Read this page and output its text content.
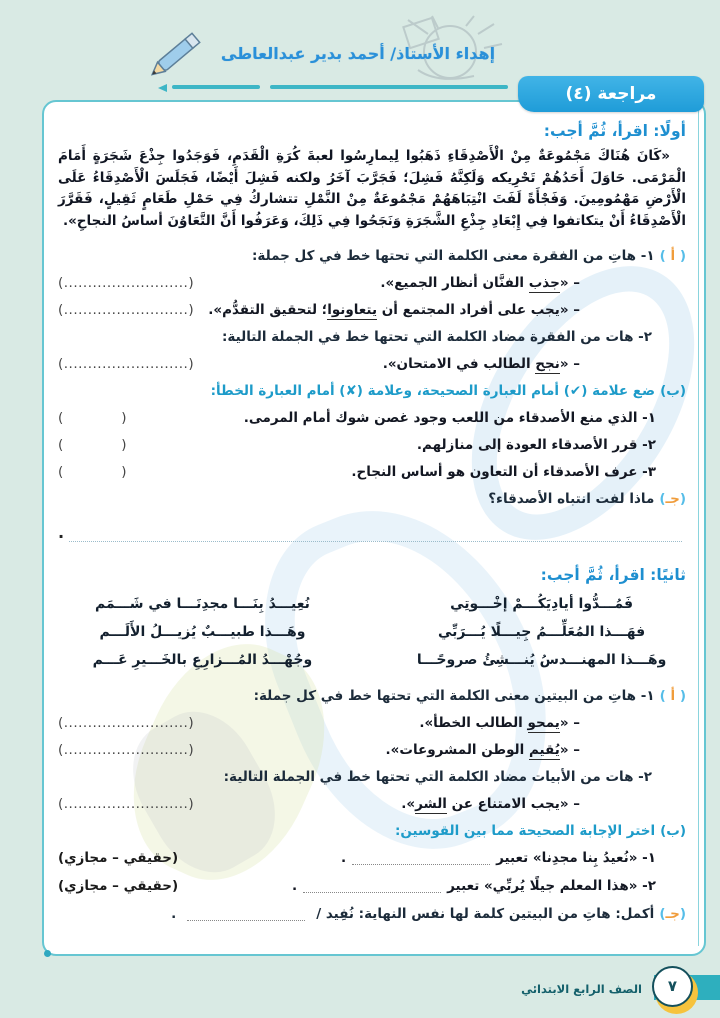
إهداء الأستاذ/ أحمد بدير عبدالعاطى
مراجعة (٤)
أولًا: اقرأ، ثُمَّ أجب:

«كَانَ هُنَاكَ مَجْمُوعَةٌ مِنْ الْأَصْدِقَاءِ ذَهَبُوا لِيمارِسُوا لعبةَ كُرَةِ الْقَدَمِ، فَوَجَدُوا جِذْعَ شَجَرَةٍ أَمَامَ الْمَرْمَى. حَاوَلَ أَحَدُهُمْ تَحْرِيكه وَلَكِنَّهُ فَشِلَ؛ فَجَرَّبَ آخَرُ ولكنه فَشِلَ أَيْضًا، فَجَلَسَ الْأَصْدِقَاءُ عَلَى الْأَرْضِ مَهْمُومِينَ. وَفَجْأَةً لَفَتَ انْتِبَاهَهُمْ مَجْمُوعَةٌ مِنْ النَّمْلِ تتشاركُ فِي حَمْلِ طَعَامٍ ثَقِيلٍ، فَقَرَّرَ الْأَصْدِقَاءُ أَنْ يتكاتفوا فِي إِبْعَادِ جِذْعِ الشَّجَرَةِ وَنَجَحُوا فِي ذَلِكَ، وَعَرَفُوا أَنَّ التَّعَاوُنَ أساسُ النجاحِ».

( أ )
١- هاتِ من الفقرة معنى الكلمة التي تحتها خط في كل جملة:
– «جذب الفنَّان أنظار الجميع».
(..........................)
– «يجب على أفراد المجتمع أن يتعاونوا؛ لتحقيق التقدُّم».
(..........................)
٢- هات من الفقرة مضاد الكلمة التي تحتها خط في الجملة التالية:
– «نجح الطالب في الامتحان».
(..........................)
(ب)
ضع علامة (✔) أمام العبارة الصحيحة، وعلامة (✘) أمام العبارة الخطأ:
١- الذي منع الأصدقاء من اللعب وجود غصن شوك أمام المرمى.
(            )
٢- قرر الأصدقاء العودة إلى منازلهم.
(            )
٣- عرف الأصدقاء أن التعاون هو أساس النجاح.
(            )
(جـ)
ماذا لفت انتباه الأصدقاء؟
.
ثانيًا: اقرأ، ثُمَّ أجب:
فَمُـــدُّوا أيادِيَكُـــمْ إخْـــوتِي
نُعِيـــدُ بِنَـــا مجدِنَـــا في شَـــمَم
فهَـــذا المُعَلِّـــمُ جِيـــلًا يُـــرَبِّي
وهَـــذا طبيـــبٌ يُزيـــلُ الأَلَـــم
وهَـــذا المهنـــدسُ يُنـــشِئُ صروحًـــا
وجُهْـــدُ المُـــزارِعِ بالخَـــيرِ عَـــم
( أ )
١- هاتِ من البيتين معنى الكلمة التي تحتها خط في كل جملة:
– «يمحو الطالب الخطأ».
(..........................)
– «يُقيم الوطن المشروعات».
(..........................)
٢- هات من الأبيات مضاد الكلمة التي تحتها خط في الجملة التالية:
– «يجب الامتناع عن الشر».
(..........................)
(ب)
اختر الإجابة الصحيحة مما بين القوسين:
١- «نُعيدُ بِنا مجدِنا» تعبير
.
(حقيقي – مجازي)
٢- «هذا المعلم جيلًا يُربِّي» تعبير
.
(حقيقي – مجازي)
(جـ)
أكمل: هاتِ من البيتين كلمة لها نفس النهاية: نُفِيد /
.
٧
الصف الرابع الابتدائي
